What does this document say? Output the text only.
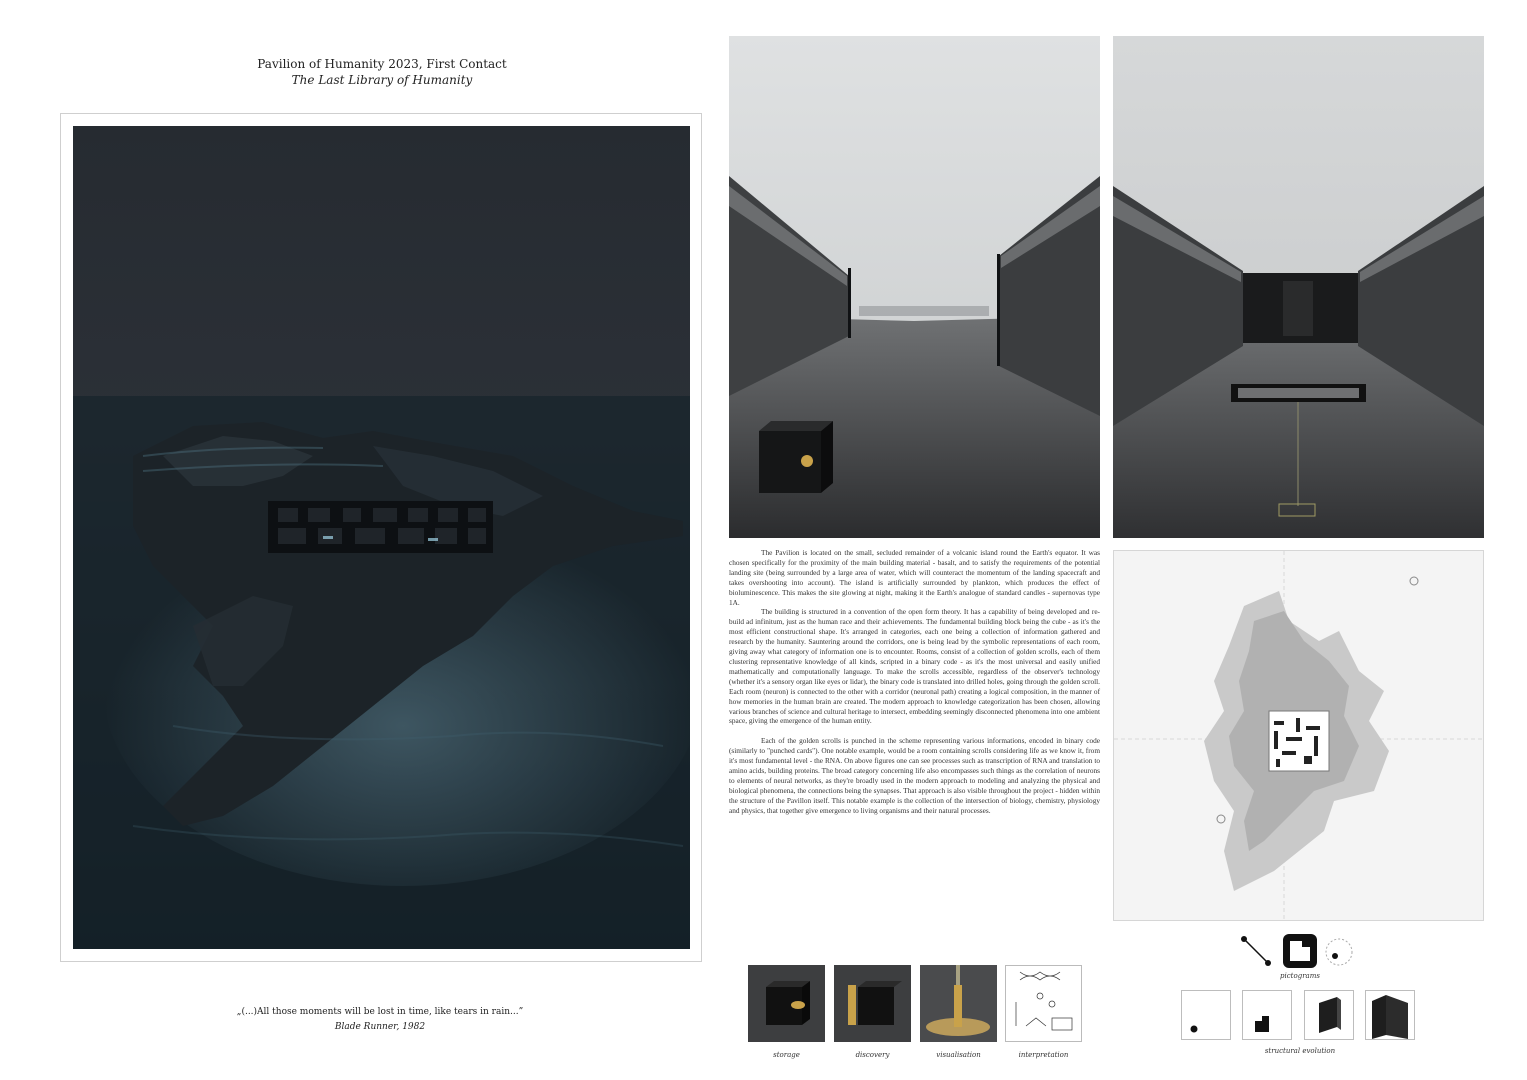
Pavilion of Humanity 2023, First Contact
The Last Library of Humanity
„(...)All those moments will be lost in time, like tears in rain...”
Blade Runner, 1982

The Pavilion is located on the small, secluded remainder of a volcanic island round the Earth's equator. It was chosen specifically for the proximity of the main building material - basalt, and to satisfy the requirements of the potential landing site (being surrounded by a large area of water, which will counteract the momentum of the landing spacecraft and takes overshooting into account). The island is artificially surrounded by plankton, which produces the effect of bioluminescence. This makes the site glowing at night, making it the Earth's analogue of standard candles - supernovas type 1A.

The building is structured in a convention of the open form theory. It has a capability of being developed and re-build ad infinitum, just as the human race and their achievements. The fundamental building block being the cube - as it's the most efficient constructional shape. It's arranged in categories, each one being a collection of information gathered and research by the humanity. Sauntering around the corridors, one is being lead by the symbolic representations of each room, giving away what category of information one is to encounter. Rooms, consist of a collection of golden scrolls, each of them clustering representative knowledge of all kinds, scripted in a binary code - as it's the most universal and easily unified mathematically and computationally language. To make the scrolls accessible, regardless of the observer's technology (whether it's a sensory organ like eyes or lidar), the binary code is translated into drilled holes, going through the golden scroll. Each room (neuron) is connected to the other with a corridor (neuronal path) creating a logical composition, in the manner of how memories in the human brain are created. The modern approach to knowledge categorization has been chosen, allowing various branches of science and cultural heritage to intersect, embedding seemingly disconnected phenomena into one ambient space, giving the emergence of the human entity.

Each of the golden scrolls is punched in the scheme representing various informations, encoded in binary code (similarly to "punched cards"). One notable example, would be a room containing scrolls considering life as we know it, from it's most fundamental level - the RNA. On above figures one can see processes such as transcription of RNA and translation to amino acids, building proteins. The broad category concerning life also encompasses such things as the correlation of neurons to elements of neural networks, as they're broadly used in the modern approach to modeling and analyzing the physical and biological phenomena, the connections being the synapses. That approach is also visible throughout the project - hidden within the structure of the Pavillon itself. This notable example is the collection of the intersection of biology, chemistry, physiology and physics, that together give emergence to living organisms and their natural processes.

pictograms
structural evolution
storage	discovery	visualisation	interpretation
